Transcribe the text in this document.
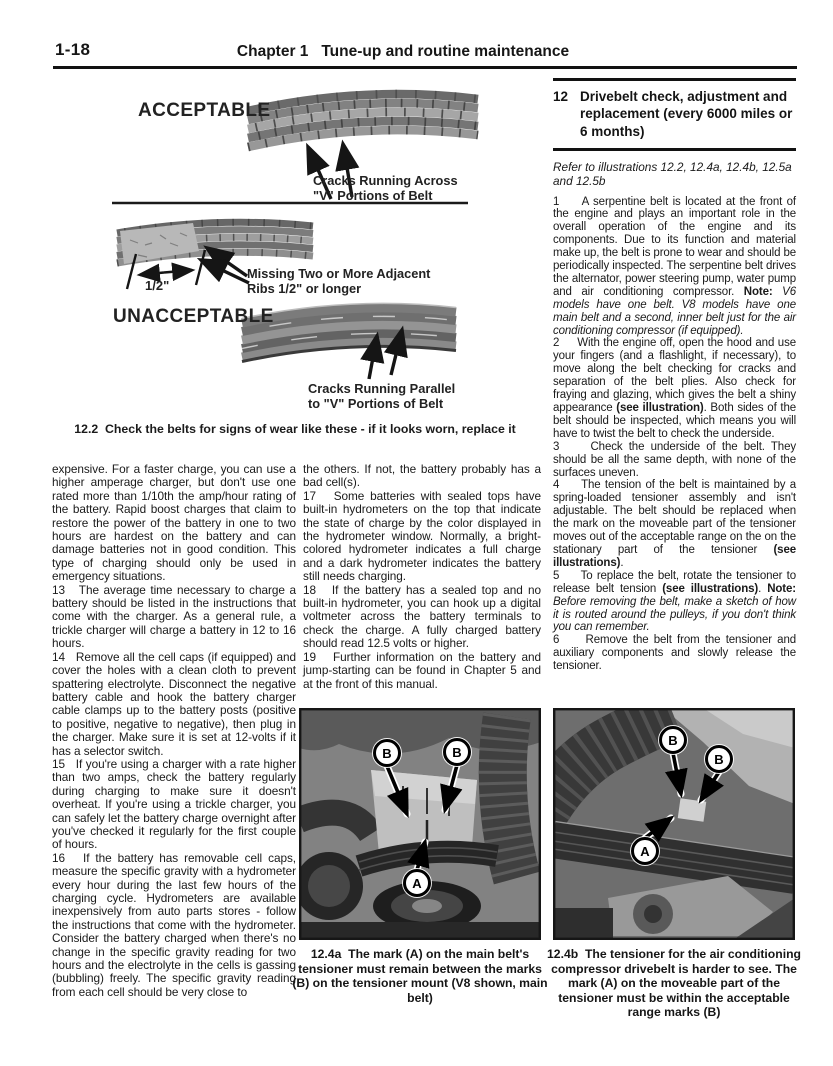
1-18	Chapter 1   Tune-up and routine maintenance
ACCEPTABLE
Cracks Running Across
"V" Portions of Belt
1/2"
Missing Two or More Adjacent
Ribs 1/2" or longer
UNACCEPTABLE
Cracks Running Parallel
to "V" Portions of Belt
12.2  Check the belts for signs of wear like these - if it looks worn, replace it
12 Drivebelt check, adjustment and replacement (every 6000 miles or 6 months)
Refer to illustrations 12.2, 12.4a, 12.4b, 12.5a and 12.5b

1     A serpentine belt is located at the front of the engine and plays an important role in the overall operation of the engine and its components. Due to its function and material make up, the belt is prone to wear and should be periodically inspected. The serpentine belt drives the alternator, power steering pump, water pump and air conditioning compressor. Note: V6 models have one belt. V8 models have one main belt and a second, inner belt just for the air conditioning compressor (if equipped).

2     With the engine off, open the hood and use your fingers (and a flashlight, if necessary), to move along the belt checking for cracks and separation of the belt plies. Also check for fraying and glazing, which gives the belt a shiny appearance (see illustration). Both sides of the belt should be inspected, which means you will have to twist the belt to check the underside.

3     Check the underside of the belt. They should be all the same depth, with none of the surfaces uneven.

4     The tension of the belt is maintained by a spring-loaded tensioner assembly and isn't adjustable. The belt should be replaced when the mark on the moveable part of the tensioner moves out of the acceptable range on the on the stationary part of the tensioner (see illustrations).

5     To replace the belt, rotate the tensioner to release belt tension (see illustrations). Note: Before removing the belt, make a sketch of how it is routed around the pulleys, if you don't think you can remember.

6     Remove the belt from the tensioner and auxiliary components and slowly release the tensioner.

expensive. For a faster charge, you can use a higher amperage charger, but don't use one rated more than 1/10th the amp/hour rating of the battery. Rapid boost charges that claim to restore the power of the battery in one to two hours are hardest on the battery and can damage batteries not in good condition. This type of charging should only be used in emergency situations.

13   The average time necessary to charge a battery should be listed in the instructions that come with the charger. As a general rule, a trickle charger will charge a battery in 12 to 16 hours.

14   Remove all the cell caps (if equipped) and cover the holes with a clean cloth to prevent spattering electrolyte. Disconnect the negative battery cable and hook the battery charger cable clamps up to the battery posts (positive to positive, negative to negative), then plug in the charger. Make sure it is set at 12-volts if it has a selector switch.

15   If you're using a charger with a rate higher than two amps, check the battery regularly during charging to make sure it doesn't overheat. If you're using a trickle charger, you can safely let the battery charge overnight after you've checked it regularly for the first couple of hours.

16   If the battery has removable cell caps, measure the specific gravity with a hydrometer every hour during the last few hours of the charging cycle. Hydrometers are available inexpensively from auto parts stores - follow the instructions that come with the hydrometer. Consider the battery charged when there's no change in the specific gravity reading for two hours and the electrolyte in the cells is gassing (bubbling) freely. The specific gravity reading from each cell should be very close to

the others. If not, the battery probably has a bad cell(s).

17   Some batteries with sealed tops have built-in hydrometers on the top that indicate the state of charge by the color displayed in the hydrometer window. Normally, a bright-colored hydrometer indicates a full charge and a dark hydrometer indicates the battery still needs charging.

18   If the battery has a sealed top and no built-in hydrometer, you can hook up a digital voltmeter across the battery terminals to check the charge. A fully charged battery should read 12.5 volts or higher.

19   Further information on the battery and jump-starting can be found in Chapter 5 and at the front of this manual.

B	B
A
12.4a  The mark (A) on the main belt's tensioner must remain between the marks (B) on the tensioner mount (V8 shown, main belt)
B
B
A
12.4b  The tensioner for the air conditioning compressor drivebelt is harder to see. The mark (A) on the moveable part of the tensioner must be within the acceptable range marks (B)
